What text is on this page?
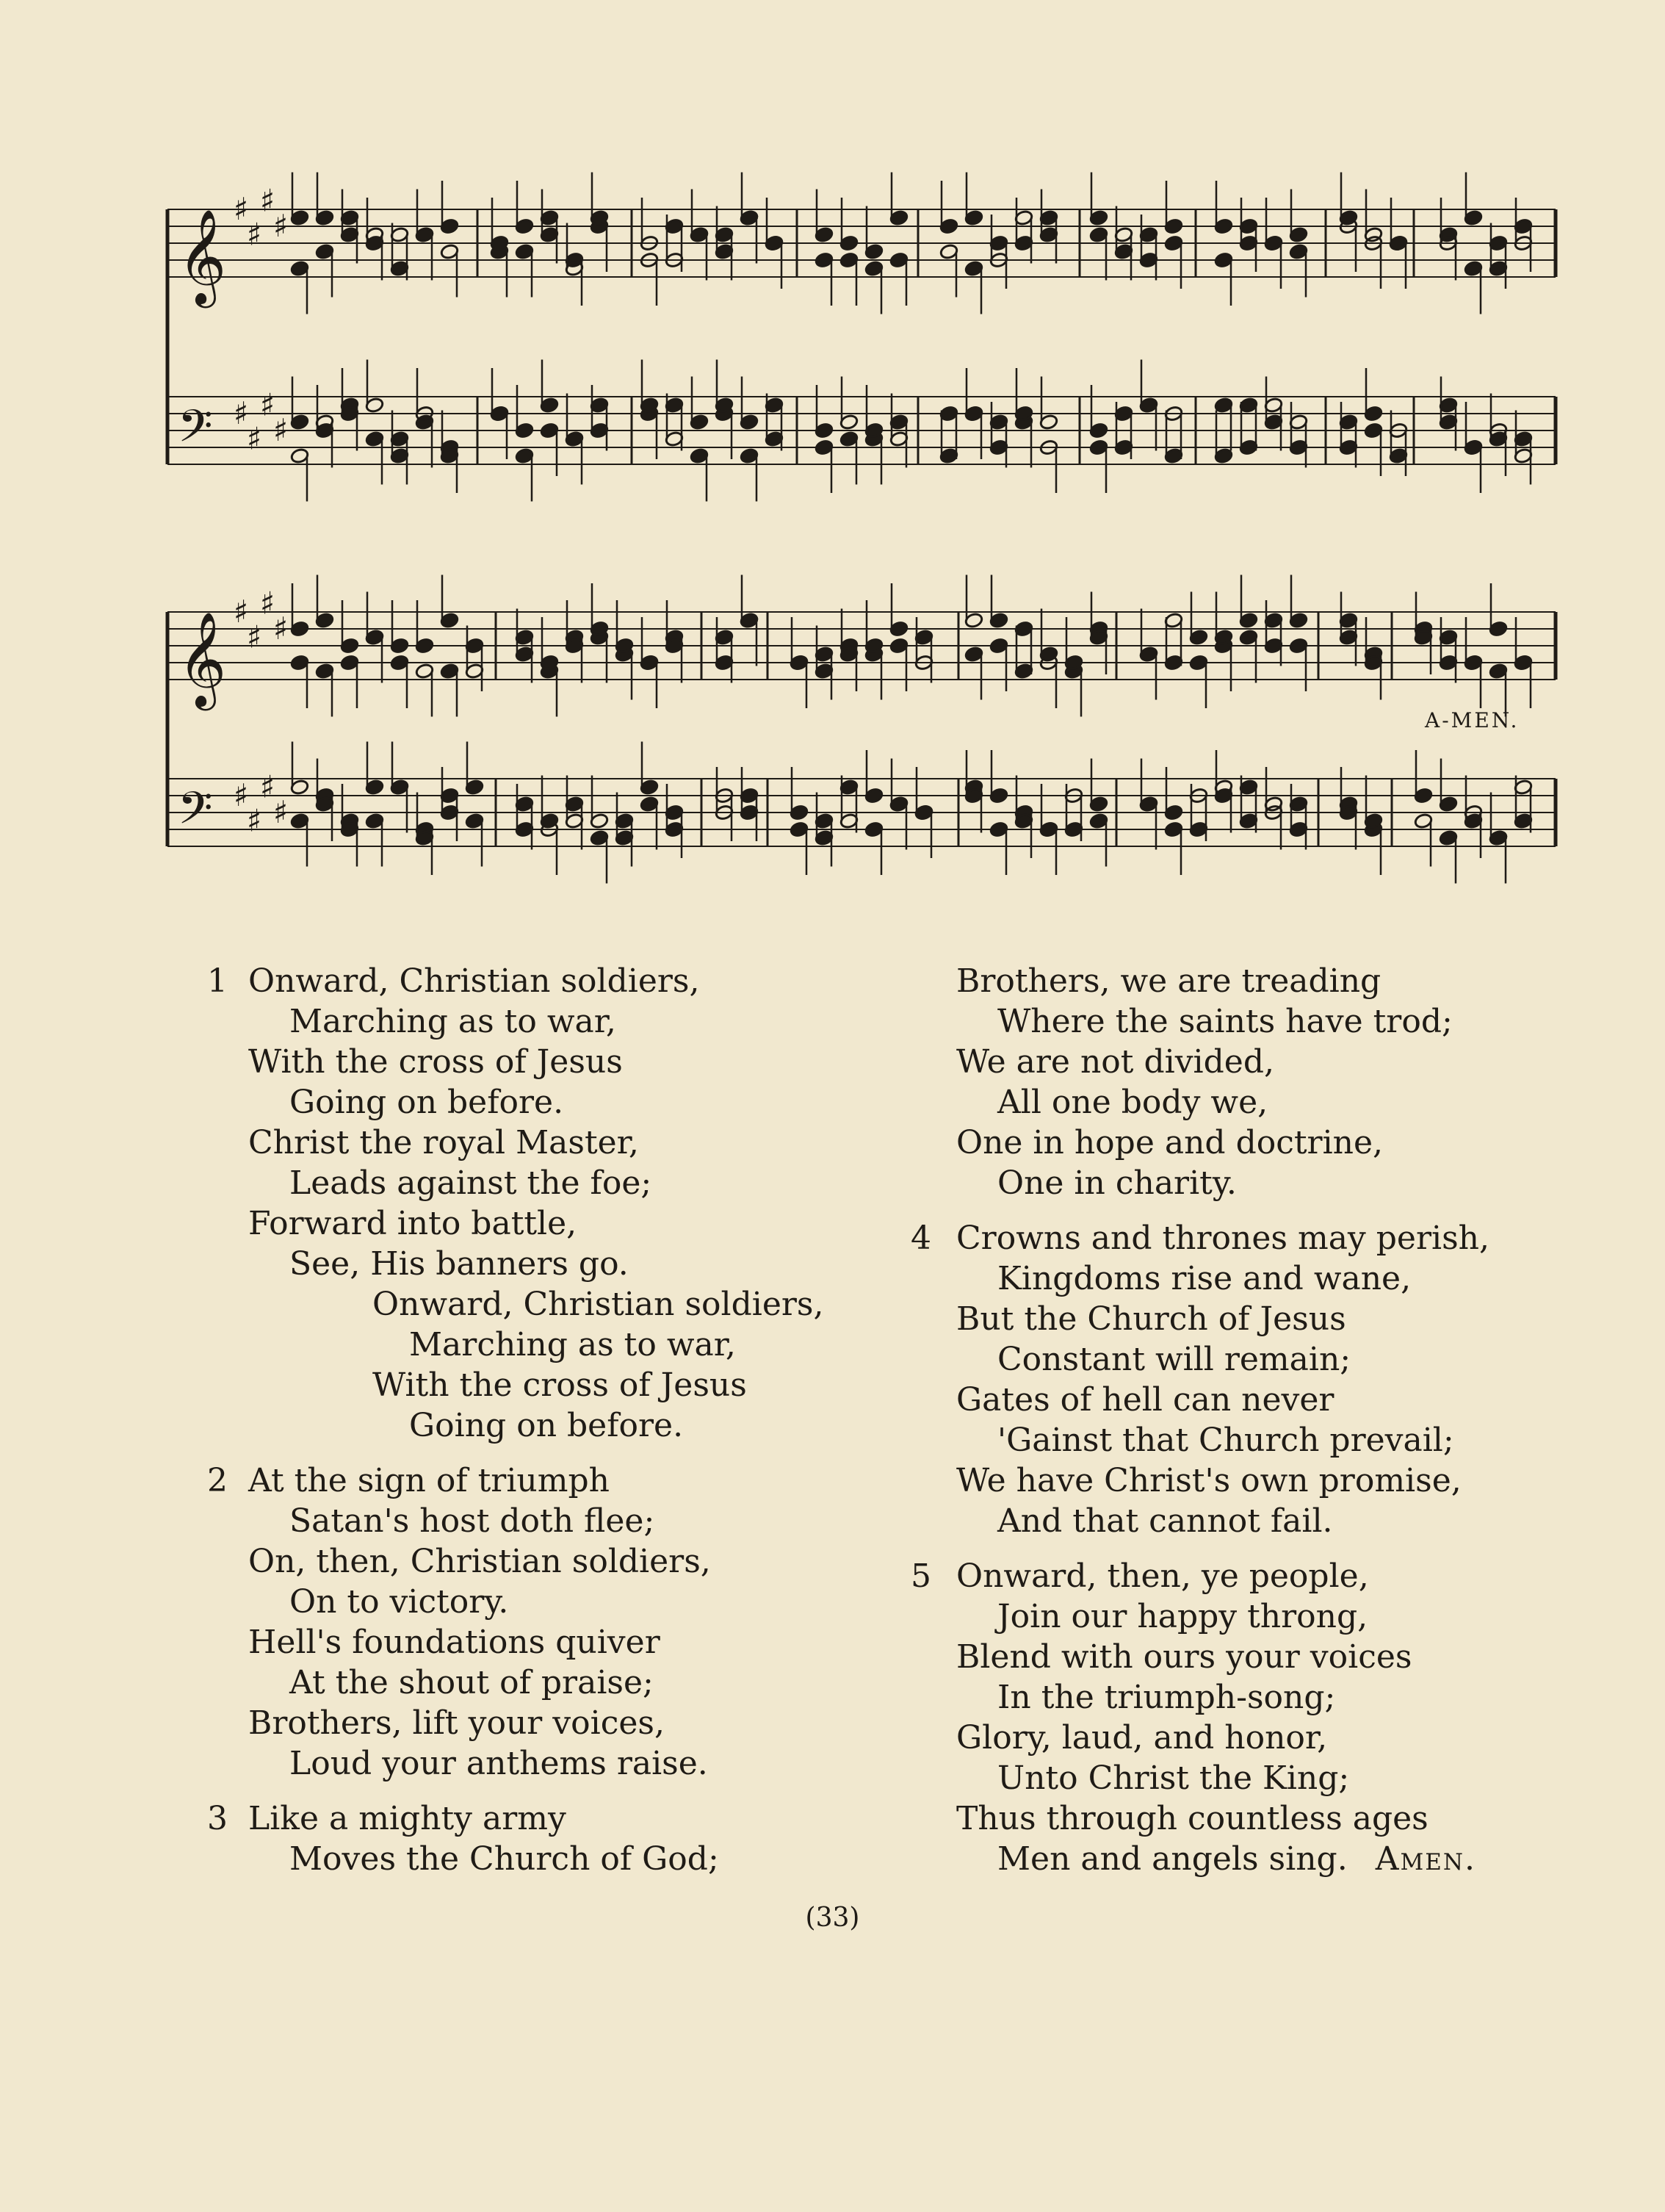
𝄞
𝄢
♯
♯
♯
♯
♯
♯
♯
♯
𝄞
𝄢
♯
♯
♯
♯
♯
♯
♯
♯
A-MEN.
1 Onward, Christian soldiers,
Marching as to war,
With the cross of Jesus
Going on before.
Christ the royal Master,
Leads against the foe;
Forward into battle,
See, His banners go.
Onward, Christian soldiers,
Marching as to war,
With the cross of Jesus
Going on before.
2 At the sign of triumph
Satan's host doth flee;
On, then, Christian soldiers,
On to victory.
Hell's foundations quiver
At the shout of praise;
Brothers, lift your voices,
Loud your anthems raise.
3 Like a mighty army
Moves the Church of God;
Brothers, we are treading
Where the saints have trod;
We are not divided,
All one body we,
One in hope and doctrine,
One in charity.
4 Crowns and thrones may perish,
Kingdoms rise and wane,
But the Church of Jesus
Constant will remain;
Gates of hell can never
'Gainst that Church prevail;
We have Christ's own promise,
And that cannot fail.
5 Onward, then, ye people,
Join our happy throng,
Blend with ours your voices
In the triumph-song;
Glory, laud, and honor,
Unto Christ the King;
Thus through countless ages
Men and angels sing. Amen.
(33)
